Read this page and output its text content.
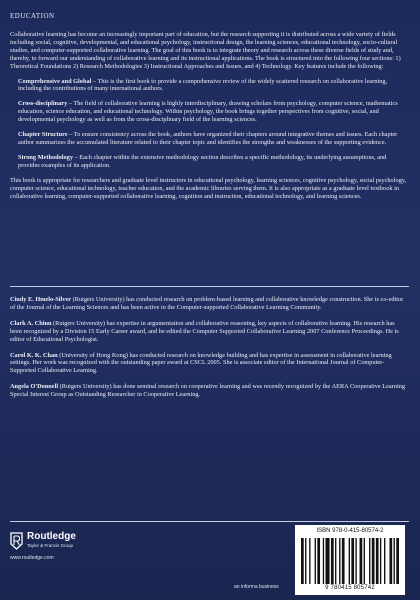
EDUCATION

Collaborative learning has become an increasingly important part of education, but the research supporting it is distributed across a wide variety of fields including social, cognitive, developmental, and educational psychology, instructional design, the learning sciences, educational technology, socio-cultural studies, and computer-supported collaborative learning. The goal of this book is to integrate theory and research across these diverse fields of study and, thereby, to forward our understanding of collaborative learning and its instructional applications. The book is structured into the following four sections: 1) Theoretical Foundations 2) Research Methodologies 3) Instructional Approaches and Issues, and 4) Technology. Key features include the following:

Comprehensive and Global – This is the first book to provide a comprehensive review of the widely scattered research on collaborative learning, including the contributions of many international authors.

Cross-disciplinary – The field of collaborative learning is highly interdisciplinary, drawing scholars from psychology, computer science, mathematics education, science education, and educational technology. Within psychology, the book brings together perspectives from cognitive, social, and developmental psychology as well as from the cross-disciplinary field of the learning sciences.

Chapter Structure – To ensure consistency across the book, authors have organized their chapters around integrative themes and issues. Each chapter author summarizes the accumulated literature related to their chapter topic and identifies the strengths and weaknesses of the supporting evidence.

Strong Methodology – Each chapter within the extensive methodology section describes a specific methodology, its underlying assumptions, and provides examples of its application.

This book is appropriate for researchers and graduate level instructors in educational psychology, learning sciences, cognitive psychology, social psychology, computer science, educational technology, teacher education, and the academic libraries serving them. It is also appropriate as a graduate level textbook in collaborative learning, computer-supported collaborative learning, cognition and instruction, educational technology, and learning sciences.

Cindy E. Hmelo-Silver (Rutgers University) has conducted research on problem-based learning and collaborative knowledge construction. She is co-editor of the Journal of the Learning Sciences and has been active in the Computer-supported Collaborative Learning Community.

Clark A. Chinn (Rutgers University) has expertise in argumentation and collaborative reasoning, key aspects of collaborative learning. His research has been recognized by a Division 15 Early Career award, and he edited the Computer Supported Collaborative Learning 2007 Conference Proceedings. He is editor of Educational Psychologist.

Carol K. K. Chan (University of Hong Kong) has conducted research on knowledge building and has expertise in assessment in collaborative learning settings. Her work was recognized with the outstanding paper award at CSCL 2005. She is associate editor of the International Journal of Computer-Supported Collaborative Learning.

Angela O'Donnell (Rutgers University) has done seminal research on cooperative learning and was recently recognized by the AERA Cooperative Learning Special Interest Group as Outstanding Researcher in Cooperative Learning.

Routledge
Taylor & Francis Group
www.routledge.com
an informa business
ISBN 978-0-415-80574-2
9 780415 805742
